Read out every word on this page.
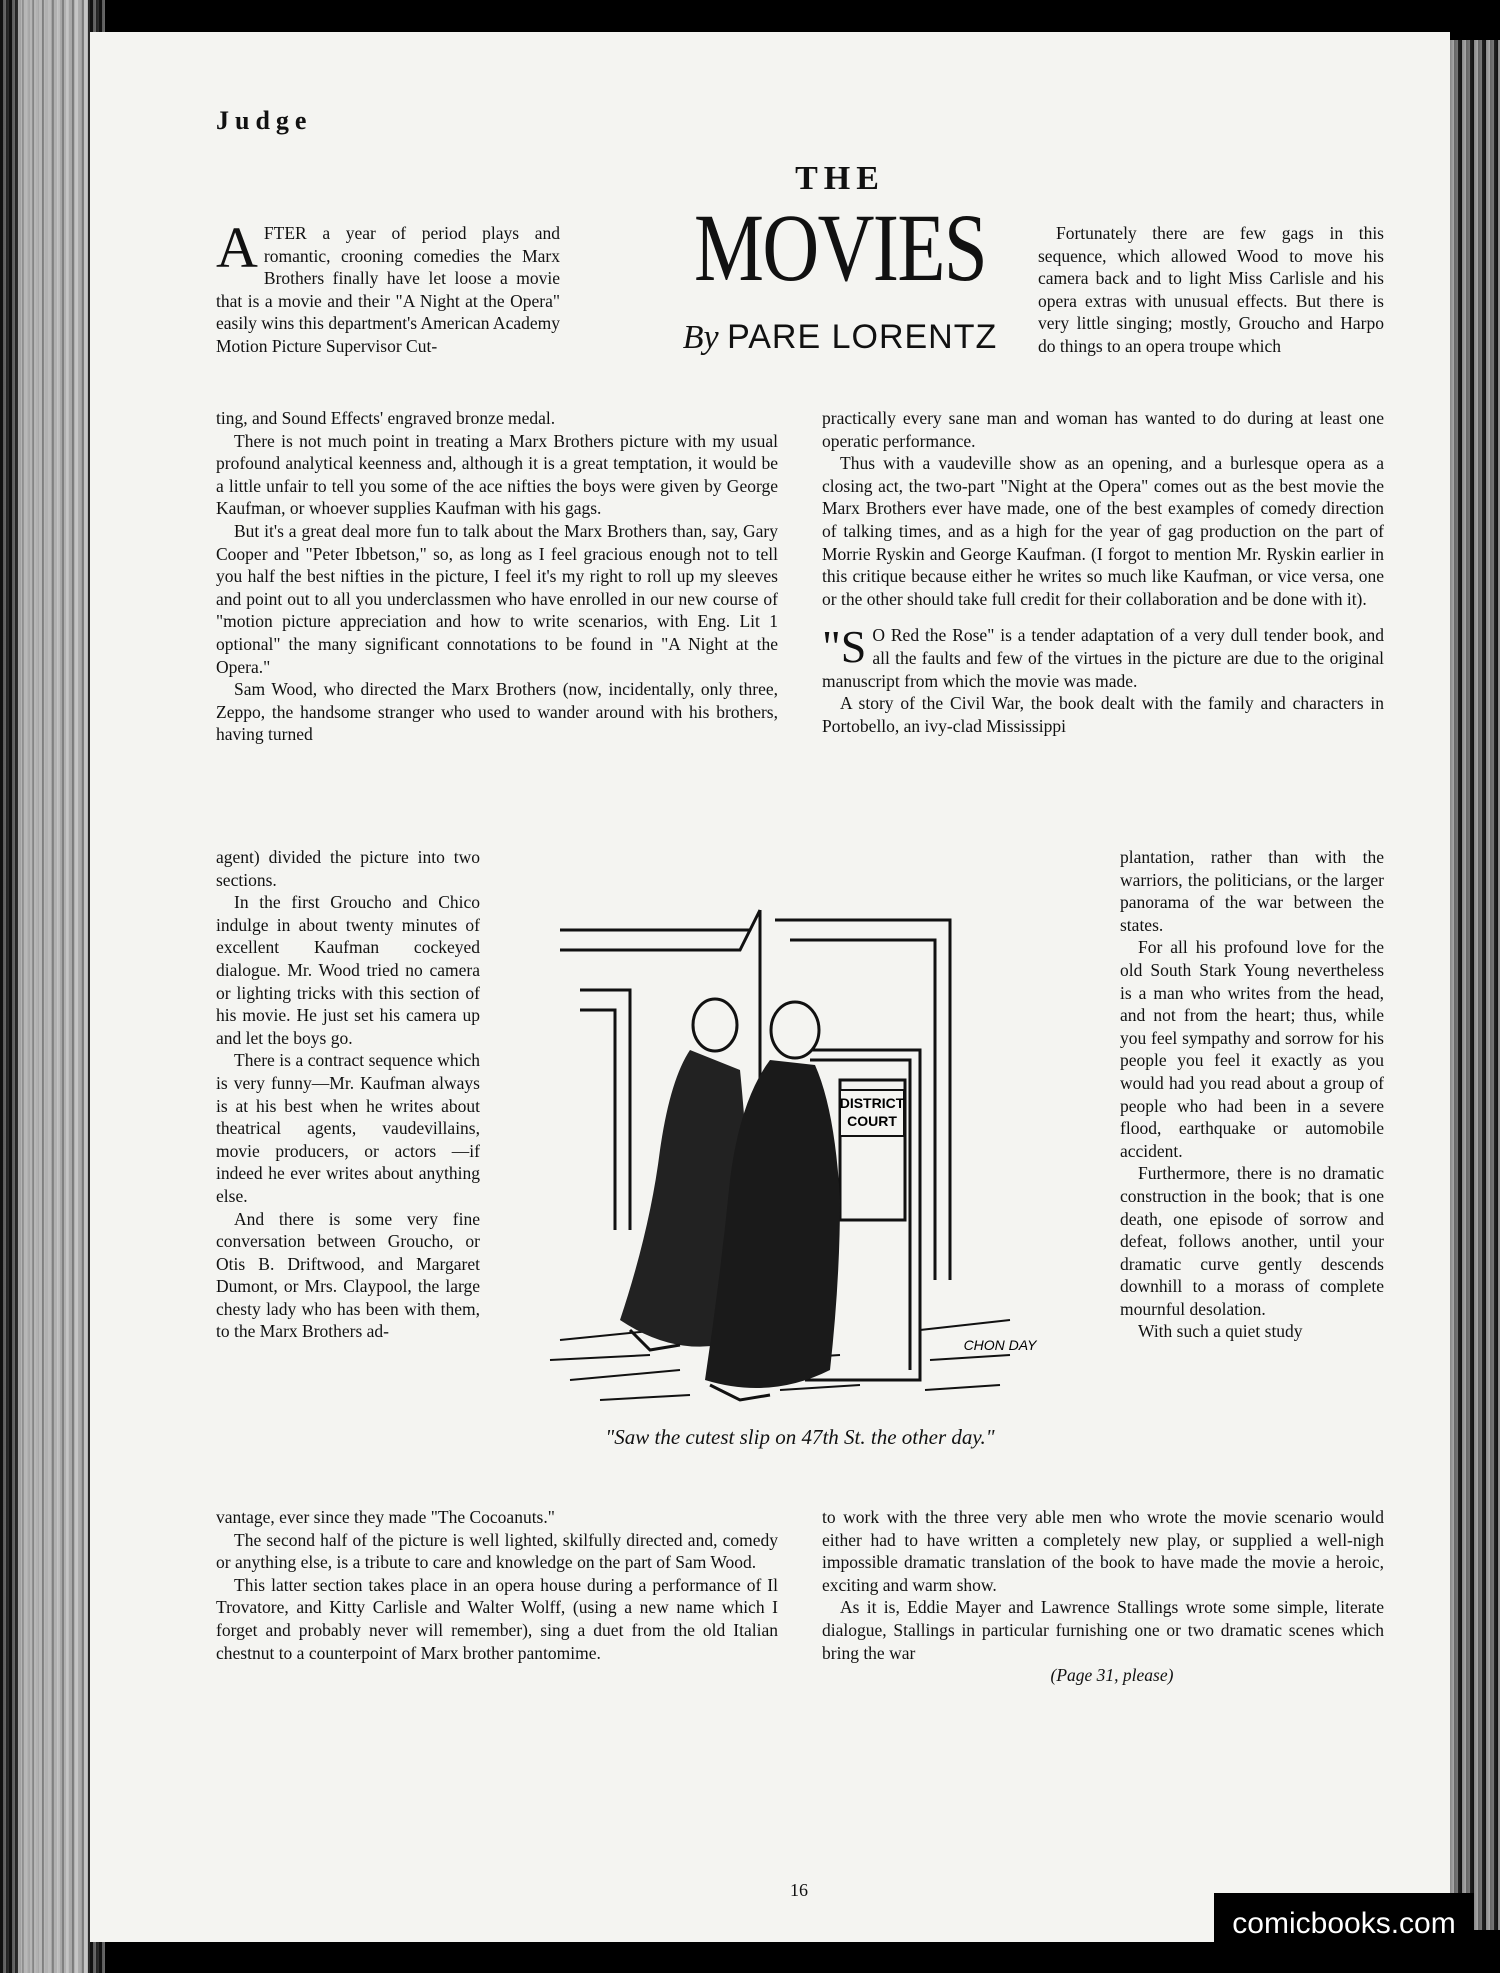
Judge
THE
MOVIES
By PARE LORENTZ

AFTER a year of period plays and romantic, crooning comedies the Marx Brothers finally have let loose a movie that is a movie and their "A Night at the Opera" easily wins this department's American Academy Motion Picture Supervisor Cut-

ting, and Sound Effects' engraved bronze medal.

There is not much point in treating a Marx Brothers picture with my usual profound analytical keenness and, although it is a great temptation, it would be a little unfair to tell you some of the ace nifties the boys were given by George Kaufman, or whoever supplies Kaufman with his gags.

But it's a great deal more fun to talk about the Marx Brothers than, say, Gary Cooper and "Peter Ibbetson," so, as long as I feel gracious enough not to tell you half the best nifties in the picture, I feel it's my right to roll up my sleeves and point out to all you underclassmen who have enrolled in our new course of "motion picture appreciation and how to write scenarios, with Eng. Lit 1 optional" the many significant connotations to be found in "A Night at the Opera."

Sam Wood, who directed the Marx Brothers (now, incidentally, only three, Zeppo, the handsome stranger who used to wander around with his brothers, having turned

agent) divided the picture into two sections.

In the first Groucho and Chico indulge in about twenty minutes of excellent Kaufman cockeyed dialogue. Mr. Wood tried no camera or lighting tricks with this section of his movie. He just set his camera up and let the boys go.

There is a contract sequence which is very funny—Mr. Kaufman always is at his best when he writes about theatrical agents, vaudevillains, movie producers, or actors —if indeed he ever writes about anything else.

And there is some very fine conversation between Groucho, or Otis B. Driftwood, and Margaret Dumont, or Mrs. Claypool, the large chesty lady who has been with them, to the Marx Brothers ad-

vantage, ever since they made "The Cocoanuts."

The second half of the picture is well lighted, skilfully directed and, comedy or anything else, is a tribute to care and knowledge on the part of Sam Wood.

This latter section takes place in an opera house during a performance of Il Trovatore, and Kitty Carlisle and Walter Wolff, (using a new name which I forget and probably never will remember), sing a duet from the old Italian chestnut to a counterpoint of Marx brother pantomime.

Fortunately there are few gags in this sequence, which allowed Wood to move his camera back and to light Miss Carlisle and his opera extras with unusual effects. But there is very little singing; mostly, Groucho and Harpo do things to an opera troupe which

practically every sane man and woman has wanted to do during at least one operatic performance.

Thus with a vaudeville show as an opening, and a burlesque opera as a closing act, the two-part "Night at the Opera" comes out as the best movie the Marx Brothers ever have made, one of the best examples of comedy direction of talking times, and as a high for the year of gag production on the part of Morrie Ryskin and George Kaufman. (I forgot to mention Mr. Ryskin earlier in this critique because either he writes so much like Kaufman, or vice versa, one or the other should take full credit for their collaboration and be done with it).

"S O Red the Rose" is a tender adaptation of a very dull tender book, and all the faults and few of the virtues in the picture are due to the original manuscript from which the movie was made.

A story of the Civil War, the book dealt with the family and characters in Portobello, an ivy-clad Mississippi

plantation, rather than with the warriors, the politicians, or the larger panorama of the war between the states.

For all his profound love for the old South Stark Young nevertheless is a man who writes from the head, and not from the heart; thus, while you feel sympathy and sorrow for his people you feel it exactly as you would had you read about a group of people who had been in a severe flood, earthquake or automobile accident.

Furthermore, there is no dramatic construction in the book; that is one death, one episode of sorrow and defeat, follows another, until your dramatic curve gently descends downhill to a morass of complete mournful desolation.

With such a quiet study

to work with the three very able men who wrote the movie scenario would either had to have written a completely new play, or supplied a well-nigh impossible dramatic translation of the book to have made the movie a heroic, exciting and warm show.

As it is, Eddie Mayer and Lawrence Stallings wrote some simple, literate dialogue, Stallings in particular furnishing one or two dramatic scenes which bring the war

(Page 31, please)

DISTRICT
COURT
CHON DAY
"Saw the cutest slip on 47th St. the other day."
16
comicbooks.com
